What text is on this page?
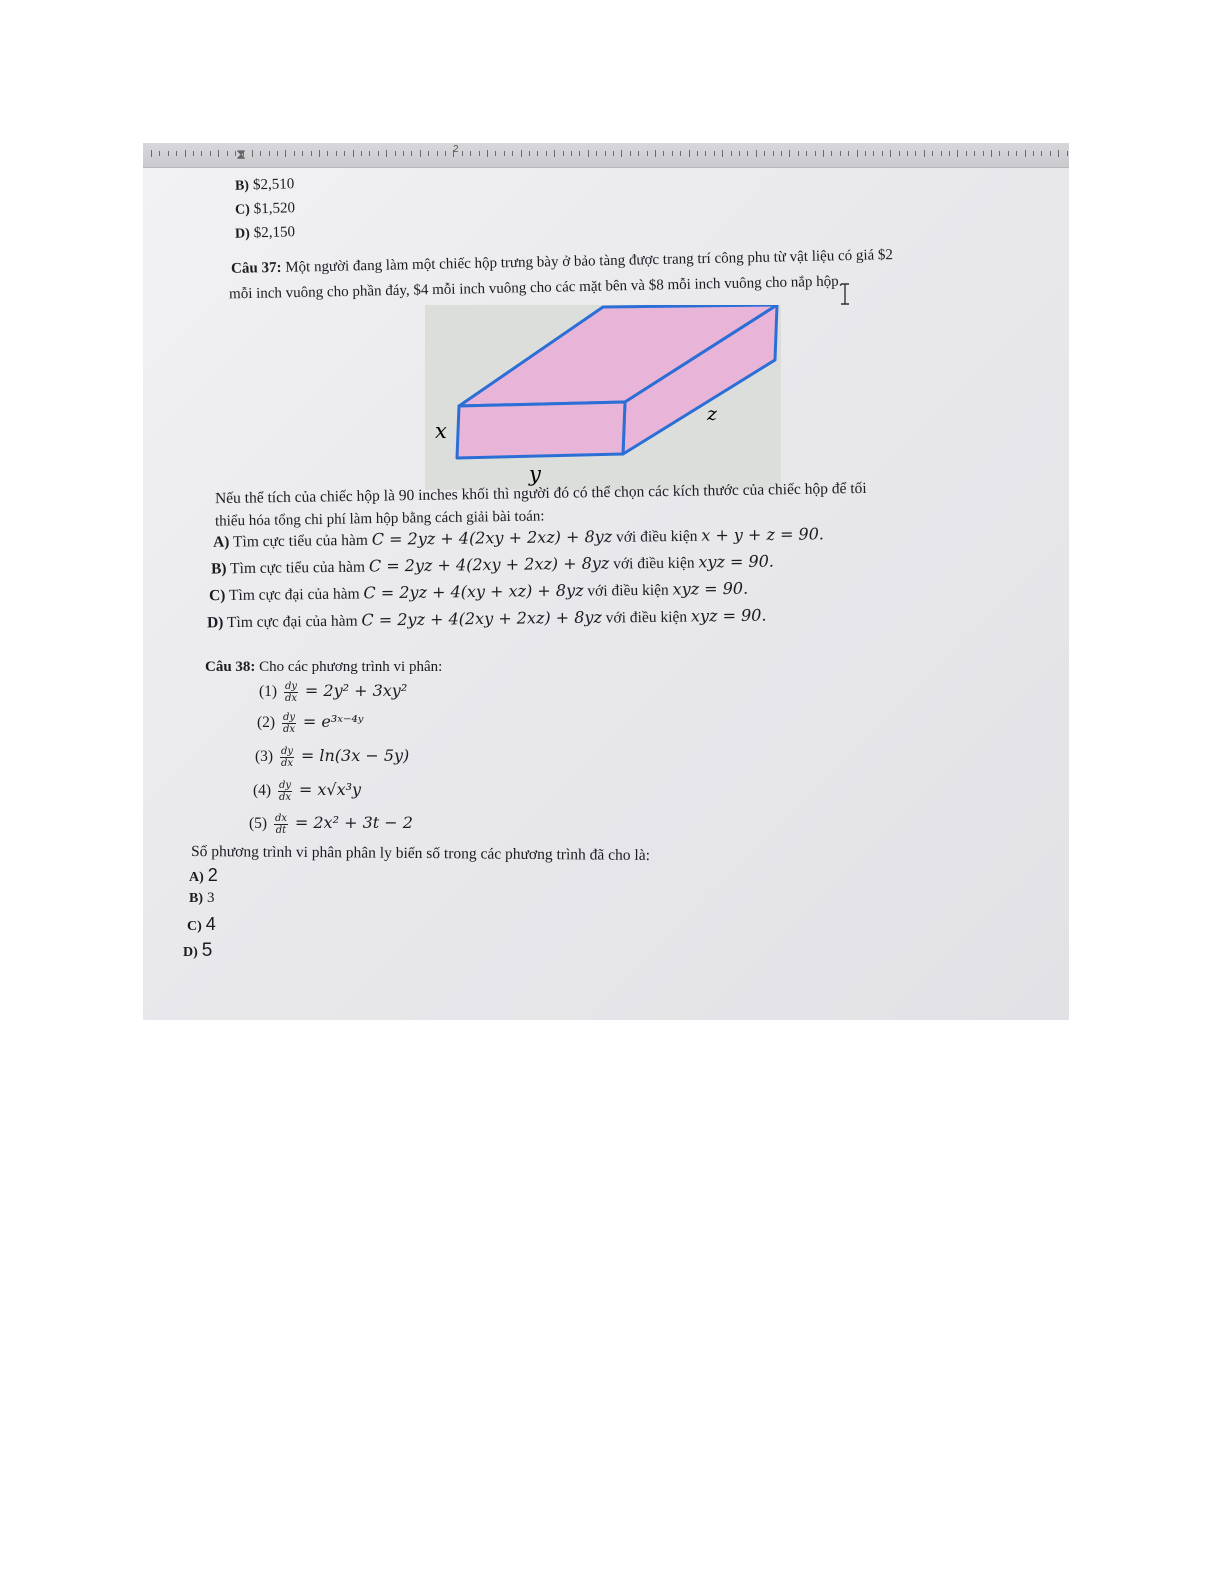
2
⧗
B) $2,510
C) $1,520
D) $2,150
Câu 37: Một người đang làm một chiếc hộp trưng bày ở bảo tàng được trang trí công phu từ vật liệu có giá $2
mỗi inch vuông cho phần đáy, $4 mỗi inch vuông cho các mặt bên và $8 mỗi inch vuông cho nắp hộp.
x
y
z
Nếu thể tích của chiếc hộp là 90 inches khối thì người đó có thể chọn các kích thước của chiếc hộp để tối
thiểu hóa tổng chi phí làm hộp bằng cách giải bài toán:
A) Tìm cực tiểu của hàm C = 2yz + 4(2xy + 2xz) + 8yz với điều kiện x + y + z = 90.
B) Tìm cực tiểu của hàm C = 2yz + 4(2xy + 2xz) + 8yz với điều kiện xyz = 90.
C) Tìm cực đại của hàm C = 2yz + 4(xy + xz) + 8yz với điều kiện xyz = 90.
D) Tìm cực đại của hàm C = 2yz + 4(2xy + 2xz) + 8yz với điều kiện xyz = 90.
Câu 38: Cho các phương trình vi phân:
$(1) \frac{dy}{dx} = 2y^2 + 3xy^2$
$(2) \frac{dy}{dx}$ = e³ˣ⁻⁴ʸ
$(3) \frac{dy}{dx} = \ln(3x - 5y)$
$(4) \frac{dy}{dx} = x√x^3y$
$(5) \frac{dx}{dt} = 2x^2 + 3t - 2$
Số phương trình vi phân phân ly biến số trong các phương trình đã cho là:
A) 2
B) 3
C) 4
D) 5
